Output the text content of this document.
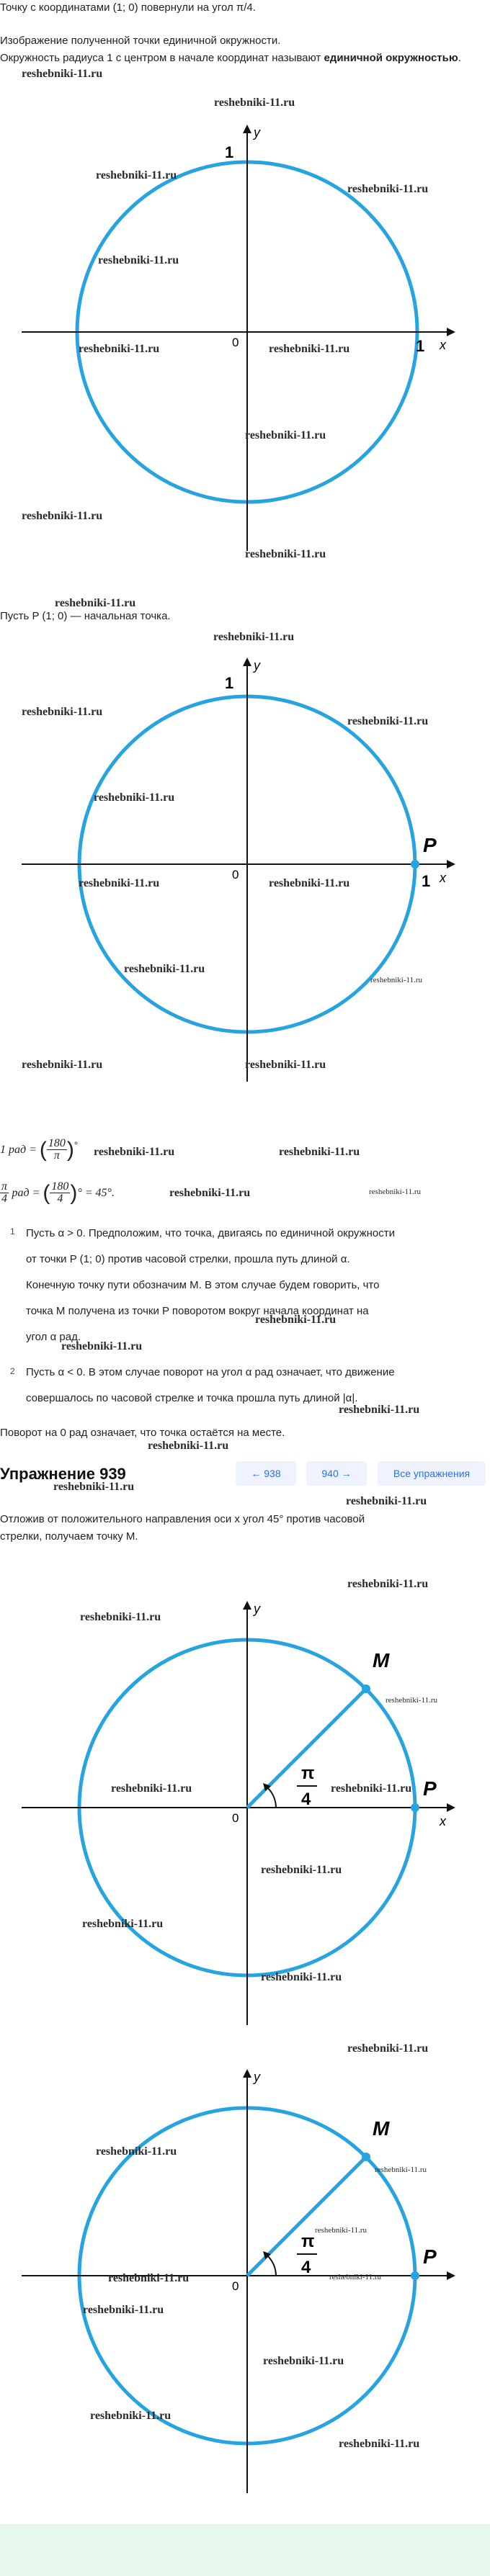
Точку с координатами (1; 0) повернули на угол π/4.
Изображение полученной точки единичной окружности.
Окружность радиуса 1 с центром в начале координат называют единичной окружностью.
x
y
0	1
1
Пусть P (1; 0) — начальная точка.
P
x
y
0	1
1
1 рад = ( $\frac{180}{\pi} )^\circ$
$\frac{\pi}{4}$ рад = ( $\frac{180}{4}$ )° = 45°.
1 Пусть α > 0. Предположим, что точка, двигаясь по единичной окружности
от точки P (1; 0) против часовой стрелки, прошла путь длиной α.
Конечную точку пути обозначим M. В этом случае будем говорить, что
точка M получена из точки P поворотом вокруг начала координат на
угол α рад.
2 Пусть α < 0. В этом случае поворот на угол α рад означает, что движение
совершалось по часовой стрелке и точка прошла путь длиной |α|.
Поворот на 0 рад означает, что точка остаётся на месте.
Упражнение 939	← 938	940 →	Все упражнения
Отложив от положительного направления оси x угол 45° против часовой
стрелки, получаем точку M.
π
4
M
P
x
y
0
π
4
M
P
y
0
reshebniki-11.ru
reshebniki-11.ru
reshebniki-11.ru
reshebniki-11.ru
reshebniki-11.ru
reshebniki-11.ru	reshebniki-11.ru
reshebniki-11.ru
reshebniki-11.ru
reshebniki-11.ru
reshebniki-11.ru
reshebniki-11.ru
reshebniki-11.ru
reshebniki-11.ru
reshebniki-11.ru
reshebniki-11.ru	reshebniki-11.ru
reshebniki-11.ru
reshebniki-11.ru
reshebniki-11.ru	reshebniki-11.ru
reshebniki-11.ru	reshebniki-11.ru
reshebniki-11.ru	reshebniki-11.ru
reshebniki-11.ru
reshebniki-11.ru
reshebniki-11.ru
reshebniki-11.ru
reshebniki-11.ru
reshebniki-11.ru
reshebniki-11.ru
reshebniki-11.ru
reshebniki-11.ru
reshebniki-11.ru	reshebniki-11.ru
reshebniki-11.ru
reshebniki-11.ru
reshebniki-11.ru
reshebniki-11.ru
reshebniki-11.ru
reshebniki-11.ru
reshebniki-11.ru
reshebniki-11.ru	reshebniki-11.ru
reshebniki-11.ru
reshebniki-11.ru
reshebniki-11.ru
reshebniki-11.ru
